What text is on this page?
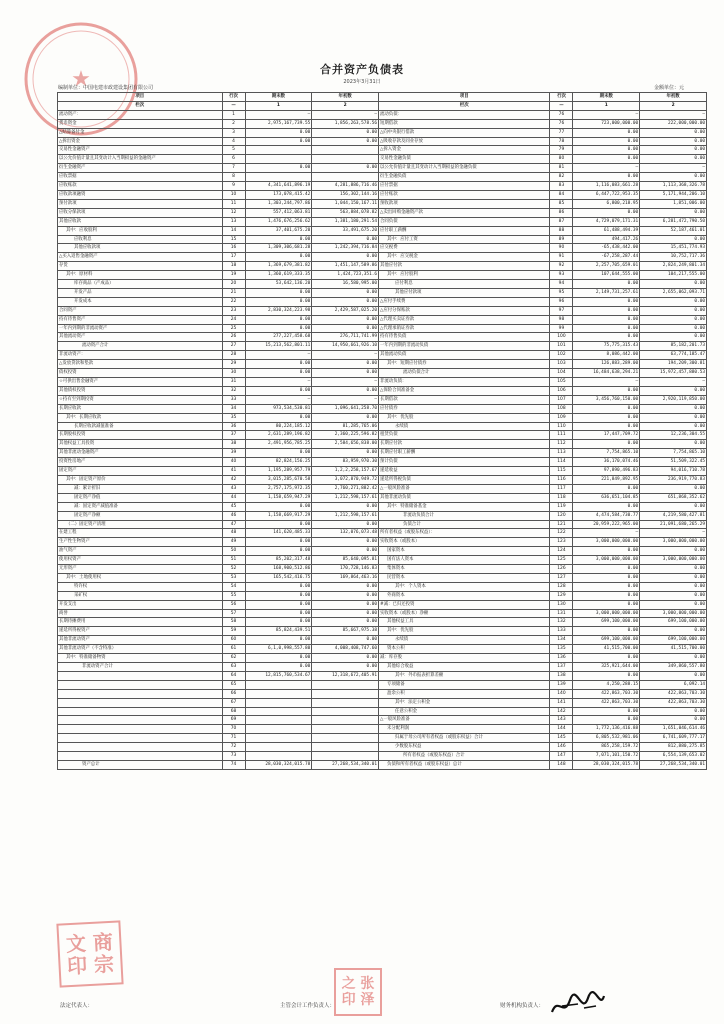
★	合并资产负债表
2023年3月31日
编制单位：中国电建市政建设集团有限公司	金额单位：元
项目	行次	期末数	年初数	项目	行次	期末数	年初数
栏次	—	1	2	栏次	—	1	2
流动资产：	1	—	—	流动负债：	76	—	—
货币资金	2	2,975,167,739.55	1,856,263,578.56	短期借款	76	723,000,000.00	222,000,000.00
△结算备付金	3	0.00	0.00	△向中央银行借款	77	0.00	0.00
△拆出资金	4	0.00	0.00	△吸收存款及同业存放	78	0.00	0.00
交易性金融资产	5			△拆入资金	79	0.00	0.00
以公允价值计量且其变动计入当期损益的金融资产	6			交易性金融负债	80	0.00	0.00
衍生金融资产	7	0.00	0.00	以公允价值计量且其变动计入当期损益的金融负债	81	—	—
应收票据	8			衍生金融负债	82	0.00	0.00
应收账款	9	4,341,641,896.19	4,281,886,716.46	应付票据	83	1,116,083,661.28	1,113,368,326.78
应收款项融资	10	173,078,415.42	156,302,144.16	应付账款	84	6,447,722,953.35	5,171,944,206.10
预付款项	11	1,303,244,797.86	1,044,150,167.11	预收款项	85	6,800,218.95	1,851,006.00
应收分保款项	12	557,412,063.81	563,884,078.82	△卖出回购金融资产款	86	0.00	0.00
其他应收款	13	1,476,676,256.62	1,381,180,291.54	合同负债	87	4,729,079,171.31	6,281,472,790.50
其中：应收股利	14	37,401,675.20	33,491,675.20	应付职工薪酬	88	61,488,494.39	52,187,461.01
应收利息	15	0.00	0.00	其中：应付工资	89	494,417.26	0.00
其他应收款项	16	1,309,306,681.28	1,242,394,716.84	应交税费	90	-65,438,442.00	15,451,774.93
△买入返售金融资产	17	0.00	0.00	其中：应交税金	91	-67,258,287.44	10,752,717.36
存货	18	1,369,679,381.82	1,451,147,589.86	其他应付款	92	2,257,705,659.01	2,824,249,801.34
其中：原材料	19	1,360,619,333.35	1,424,723,351.6	其中：应付股利	93	107,644,555.00	104,217,555.00
库存商品（产成品）	20	53,642,136.20	16,580,995.00	应付利息	94	0.00	0.00
开发产品	21	0.00	0.00	其他应付款项	95	2,149,731,257.61	2,655,062,093.71
开发成本	22	0.00	0.00	△应付手续费	96	0.00	0.00
合同资产	23	2,830,324,223.98	2,429,587,025.20	△应付分保账款	97	0.00	0.00
持有待售资产	24	0.00	0.00	△代理买卖证券款	98	0.00	0.00
一年内到期的非流动资产	25	0.00	0.00	△代理承销证券款	99	0.00	0.00
其他流动资产	26	277,227,458.68	276,711,741.99	持有待售负债	100	0.00	0.00
流动资产合计	27	15,213,562,801.11	14,950,661,926.10	一年内到期的非流动负债	101	75,775,315.43	85,182,201.73
非流动资产：	28	—	—	其他流动负债	102	8,086,442.00	63,774,185.47
△发放贷款和垫款	29	0.00	0.00	其中：短期应付债券	103	126,883,289.00	194,209,300.81
债权投资	30	0.00	0.00	流动负债合计	104	16,484,638,294.21	15,972,457,880.53
☆可供出售金融资产	31	—	—	非流动负债：	105	—	—
其他债权投资	32	0.00	0.00	△保险合同准备金	106	0.00	0.00
☆持有至到期投资	33	—	—	长期借款	107	3,456,760,150.00	2,920,119,850.00
长期应收款	34	973,534,530.81	1,096,641,258.70	应付债券	108	0.00	0.00
其中：长期应收款	35	0.00	0.00	其中：优先股	109	0.00	0.00
长期应收款减值准备	36	80,224,185.12	81,285,765.06	永续债	110	0.00	0.00
长期股权投资	37	2,631,289,196.82	2,360,225,596.82	租赁负债	111	17,447,709.72	12,236,304.55
其他权益工具投资	38	2,491,956,785.25	2,584,656,838.00	长期应付款	112	0.00	0.00
其他非流动金融资产	39	0.00	0.00	长期应付职工薪酬	113	7,754,865.10	7,754,865.10
投资性房地产	40	82,824,156.25	83,959,970.30	预计负债	114	36,170,074.46	51,509,322.45
固定资产	41	1,195,289,957.79	1,2,2,258,157.67	递延收益	115	97,890,496.83	94,016,710.78
其中：固定资产原价	42	3,015,285,670.58	3,072,870,949.72	递延所得税负债	116	221,849,892.95	236,919,770.83
减：累计折旧	43	2,757,175,972.35	2,760,271,882.42	△一般风险准备	117	0.00	0.00
固定资产净值	44	1,158,659,947.29	1,212,598,157.61	其他非流动负债	118	636,651,104.85	651,868,352.62
减：固定资产减值准备	45	0.00	0.00	其中：特准储备基金	119	0.00	0.00
固定资产净额	46	1,158,669,917.29	1,212,598,157.61	非流动负债合计	120	4,474,584,730.77	4,219,580,427.81
（二）固定资产清理	47	0.00	0.00	负债合计	121	20,959,222,965.00	21,091,680,265.29
在建工程	48	141,620,485.33	132,076,073.48	所有者权益（或股东权益）：	122	—	—
生产性生物资产	49	0.00	0.00	实收资本（或股本）	123	3,000,000,000.00	3,000,000,000.00
油气资产	50	0.00	0.00	国家资本	124	0.00	0.00
使用权资产	51	85,202,317.48	85,640,095.81	国有法人资本	125	3,000,000,000.00	3,000,000,000.00
无形资产	52	168,900,512.86	170,728,146.83	集体资本	126	0.00	0.00
其中：土地使用权	53	165,542,416.75	169,864,463.16	民营资本	127	0.00	0.00
特许权	54	0.00	0.00	其中：个人资本	128	0.00	0.00
采矿权	55	0.00	0.00	外商资本	129	0.00	0.00
开发支出	56	0.00	0.00	#减：已归还投资	130	0.00	0.00
商誉	57	0.00	0.00	实收资本（或股本）净额	131	3,000,000,000.00	3,000,000,000.00
长期待摊费用	58	0.00	0.00	其他权益工具	132	699,100,000.00	699,100,000.00
递延所得税资产	59	85,824,439.51	85,667,975.38	其中：优先股	133	0.00	0.00
其他非流动资产	60	0.00	0.00	永续债	134	699,100,000.00	699,100,000.00
其他非流动资产（不含特准）	61	6,1,0,998,557.80	4,008,408,747.60	资本公积	135	41,515,700.00	41,515,700.00
其中：特准储备物资	62	0.00	0.00	减：库存股	136	0.00	0.00
非流动资产合计	63	0.00	0.00	其他综合收益	137	325,921,644.00	349,860,557.80
	64	12,815,760,534.67	12,318,672,405.91	其中：外币报表折算差额	138	0.00	0.00
	65			专项储备	139	4,250,288.15	6,092.14
	66			盈余公积	140	422,863,703.30	422,863,703.30
	67			其中：法定公积金	141	422,863,703.30	422,863,703.30
	68			任意公积金	142	0.00	0.00
	69			△一般风险准备	143	0.00	0.00
	70			未分配利润	144	1,772,136,416.88	1,651,046,614.46
	71			归属于母公司所有者权益（或股东权益）合计	145	6,805,532,981.06	6,741,609,777.17
	72			少数股东权益	146	865,258,159.72	812,880,275.85
	73			所有者权益（或股东权益）合计	147	7,071,101,150.72	6,554,139,653.02
资产总计	74	28,030,324,015.78	27,268,534,340.01	负债和所有者权益（或股东权益）总计	148	28,030,324,015.78	27,268,534,340.01
文 商
印 宗
之 张
印 泽
法定代表人：	主管会计工作负责人：	财务机构负责人：
